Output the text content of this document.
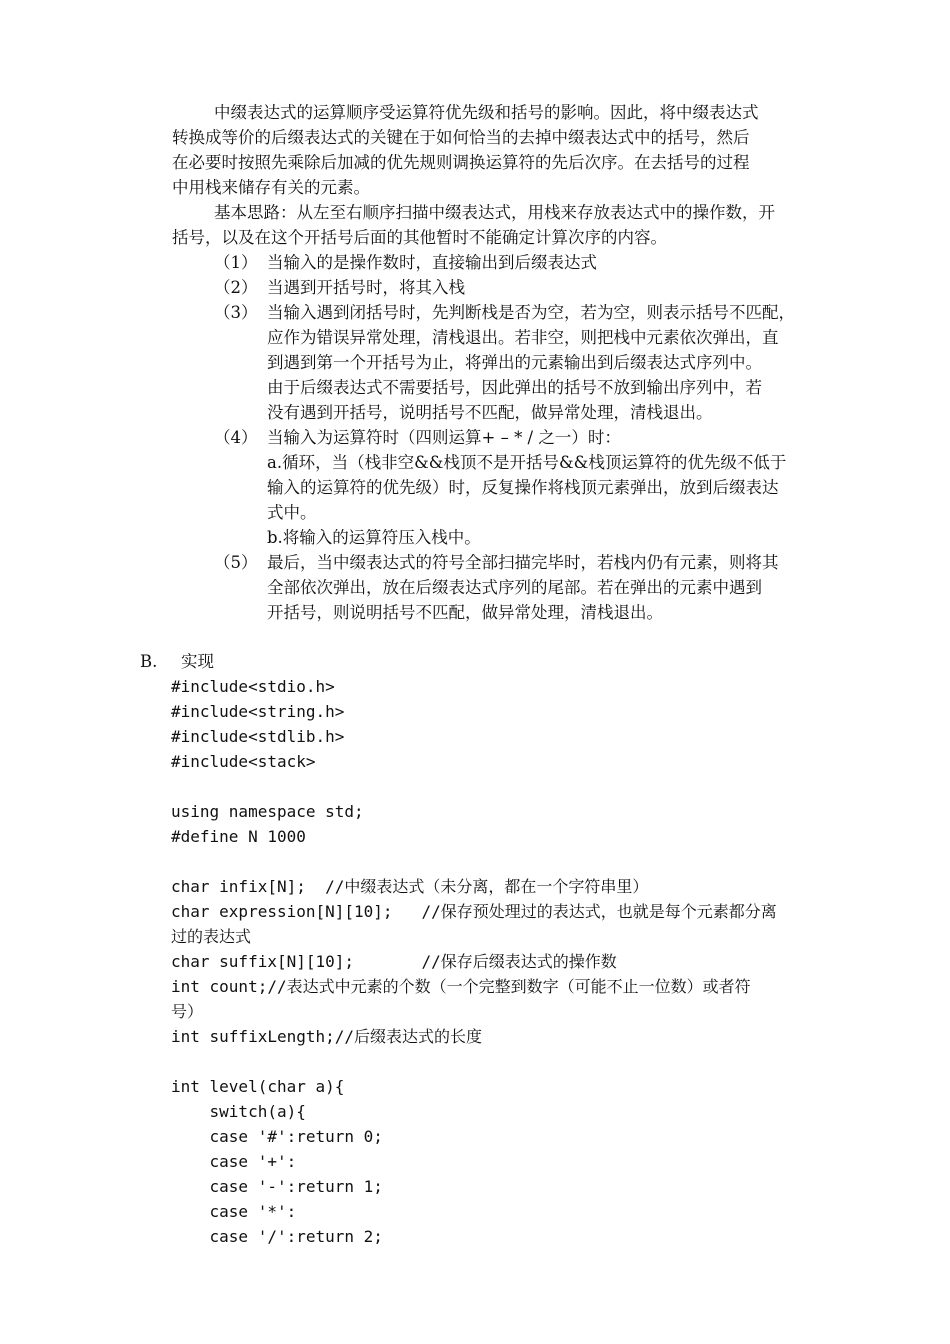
中缀表达式的运算顺序受运算符优先级和括号的影响。因此，将中缀表达式
转换成等价的后缀表达式的关键在于如何恰当的去掉中缀表达式中的括号，然后
在必要时按照先乘除后加减的优先规则调换运算符的先后次序。在去括号的过程
中用栈来储存有关的元素。
基本思路：从左至右顺序扫描中缀表达式，用栈来存放表达式中的操作数，开
括号，以及在这个开括号后面的其他暂时不能确定计算次序的内容。
（1） 当输入的是操作数时，直接输出到后缀表达式
（2） 当遇到开括号时，将其入栈
（3） 当输入遇到闭括号时，先判断栈是否为空，若为空，则表示括号不匹配，
应作为错误异常处理，清栈退出。若非空，则把栈中元素依次弹出，直
到遇到第一个开括号为止，将弹出的元素输出到后缀表达式序列中。
由于后缀表达式不需要括号，因此弹出的括号不放到输出序列中，若
没有遇到开括号，说明括号不匹配，做异常处理，清栈退出。
（4） 当输入为运算符时（四则运算+ – * / 之一）时：
a.循环，当（栈非空&&栈顶不是开括号&&栈顶运算符的优先级不低于
输入的运算符的优先级）时，反复操作将栈顶元素弹出，放到后缀表达
式中。
b.将输入的运算符压入栈中。
（5） 最后，当中缀表达式的符号全部扫描完毕时，若栈内仍有元素，则将其
全部依次弹出，放在后缀表达式序列的尾部。若在弹出的元素中遇到
开括号，则说明括号不匹配，做异常处理，清栈退出。
B. 实现
#include<stdio.h>
#include<string.h>
#include<stdlib.h>
#include<stack>
using namespace std;
#define N 1000
char infix[N];  //中缀表达式（未分离，都在一个字符串里）
char expression[N][10];   //保存预处理过的表达式，也就是每个元素都分离
过的表达式
char suffix[N][10];       //保存后缀表达式的操作数
int count;//表达式中元素的个数（一个完整到数字（可能不止一位数）或者符
号）
int suffixLength;//后缀表达式的长度
int level(char a){
switch(a){
case '#':return 0;
case '+':
case '-':return 1;
case '*':
case '/':return 2;
